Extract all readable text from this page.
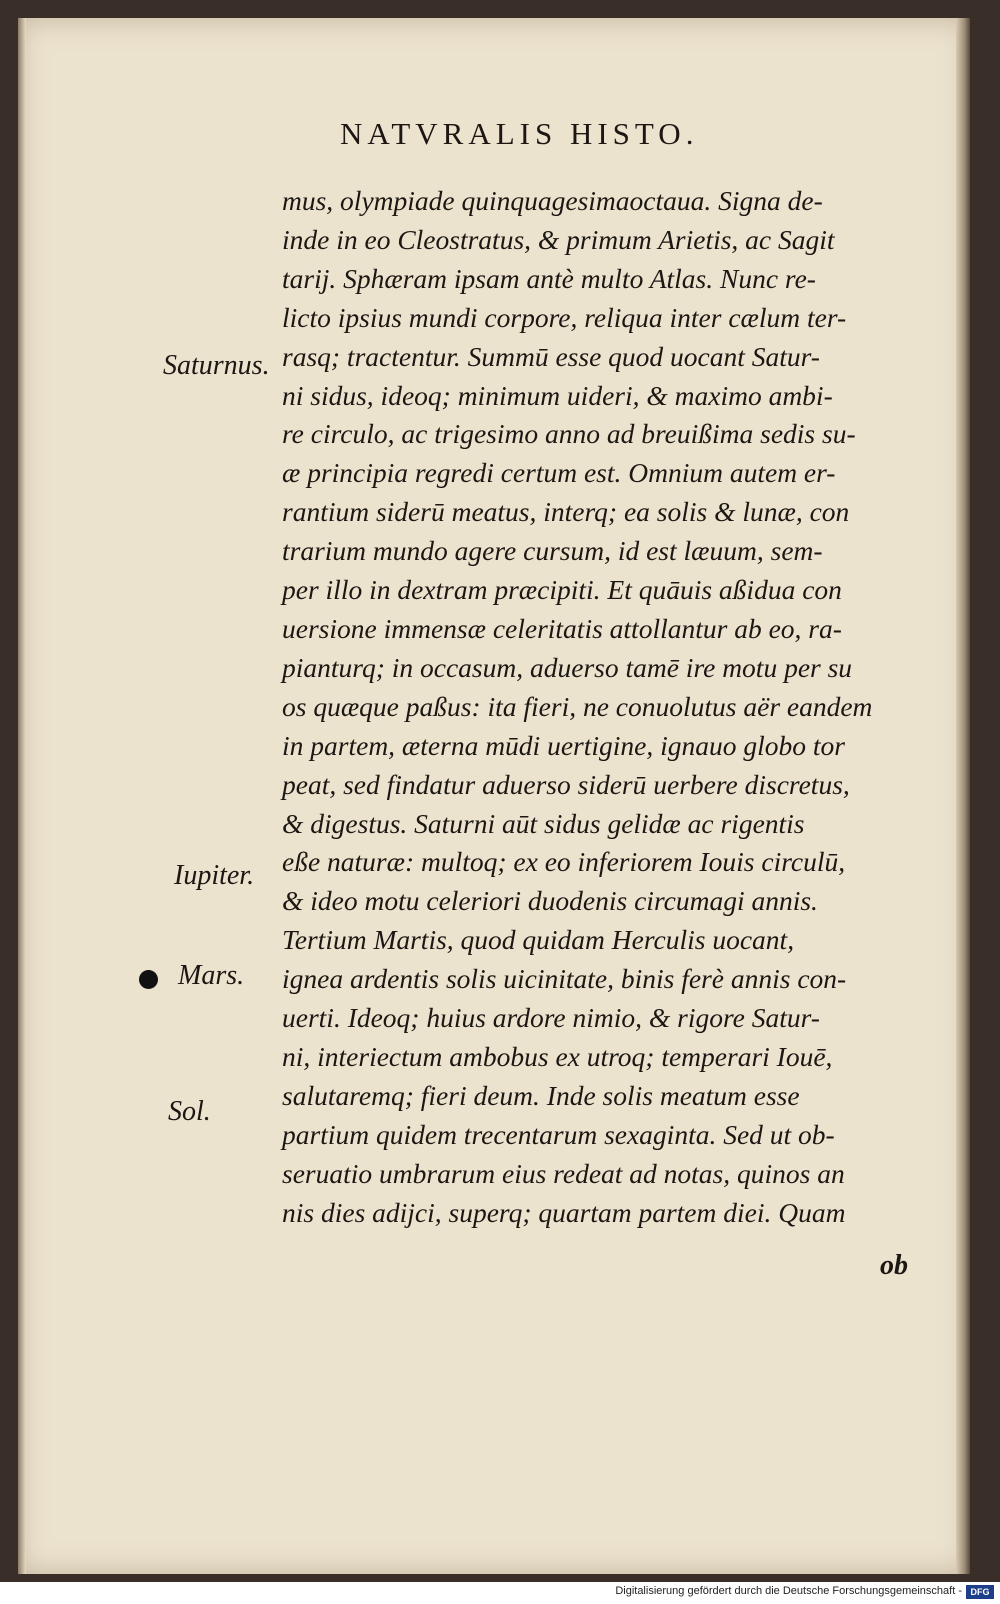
NATVRALIS HISTO.
mus, olympiade quinquagesimaoctaua. Signa de-
inde in eo Cleostratus, & primum Arietis, ac Sagit
tarij. Sphæram ipsam antè multo Atlas. Nunc re-
licto ipsius mundi corpore, reliqua inter cælum ter-
rasq; tractentur. Summū esse quod uocant Satur-
ni sidus, ideoq; minimum uideri, & maximo ambi-
re circulo, ac trigesimo anno ad breuißima sedis su-
æ principia regredi certum est. Omnium autem er-
rantium siderū meatus, interq; ea solis & lunæ, con
trarium mundo agere cursum, id est læuum, sem-
per illo in dextram præcipiti. Et quāuis aßidua con
uersione immensæ celeritatis attollantur ab eo, ra-
pianturq; in occasum, aduerso tamē ire motu per su
os quæque paßus: ita fieri, ne conuolutus aër eandem
in partem, æterna mūdi uertigine, ignauo globo tor
peat, sed findatur aduerso siderū uerbere discretus,
& digestus. Saturni aūt sidus gelidæ ac rigentis
eße naturæ: multoq; ex eo inferiorem Iouis circulū,
& ideo motu celeriori duodenis circumagi annis.
Tertium Martis, quod quidam Herculis uocant,
ignea ardentis solis uicinitate, binis ferè annis con-
uerti. Ideoq; huius ardore nimio, & rigore Satur-
ni, interiectum ambobus ex utroq; temperari Iouē,
salutaremq; fieri deum. Inde solis meatum esse
partium quidem trecentarum sexaginta. Sed ut ob-
seruatio umbrarum eius redeat ad notas, quinos an
nis dies adijci, superq; quartam partem diei. Quam
Saturnus.
Iupiter.
Mars.
Sol.
ob
Digitalisierung gefördert durch die Deutsche Forschungsgemeinschaft - DFG
